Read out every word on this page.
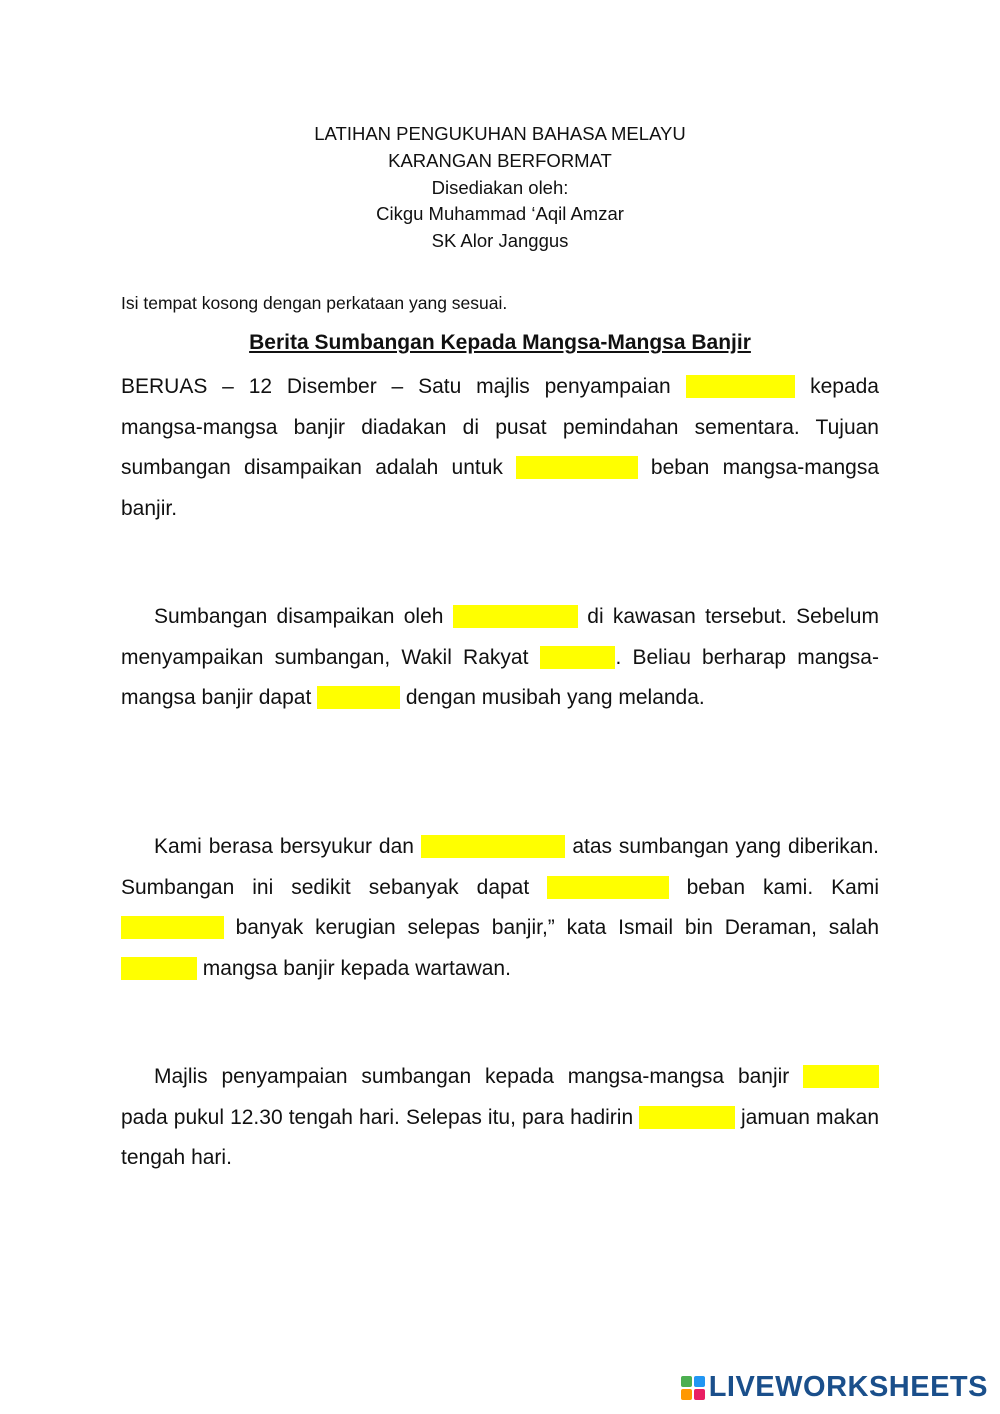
LATIHAN PENGUKUHAN BAHASA MELAYU
KARANGAN BERFORMAT
Disediakan oleh:
Cikgu Muhammad ‘Aqil Amzar
SK Alor Janggus
Isi tempat kosong dengan perkataan yang sesuai.
Berita Sumbangan Kepada Mangsa-Mangsa Banjir

BERUAS – 12 Disember – Satu majlis penyampaian sumbangan kepada mangsa-mangsa banjir diadakan di pusat pemindahan sementara. Tujuan sumbangan disampaikan adalah untuk meringankan beban mangsa-mangsa banjir.

Sumbangan disampaikan oleh Wakil Rakyat di kawasan tersebut. Sebelum menyampaikan sumbangan, Wakil Rakyat berucap. Beliau berharap mangsa-mangsa banjir dapat bersabar dengan musibah yang melanda.

Kami berasa bersyukur dan berterima kasih atas sumbangan yang diberikan. Sumbangan ini sedikit sebanyak dapat meringankan beban kami. Kami mengalami banyak kerugian selepas banjir,” kata Ismail bin Deraman, salah seorang mangsa banjir kepada wartawan.

Majlis penyampaian sumbangan kepada mangsa-mangsa banjir berakhir pada pukul 12.30 tengah hari. Selepas itu, para hadirin menikmati jamuan makan tengah hari.

LIVEWORKSHEETS
